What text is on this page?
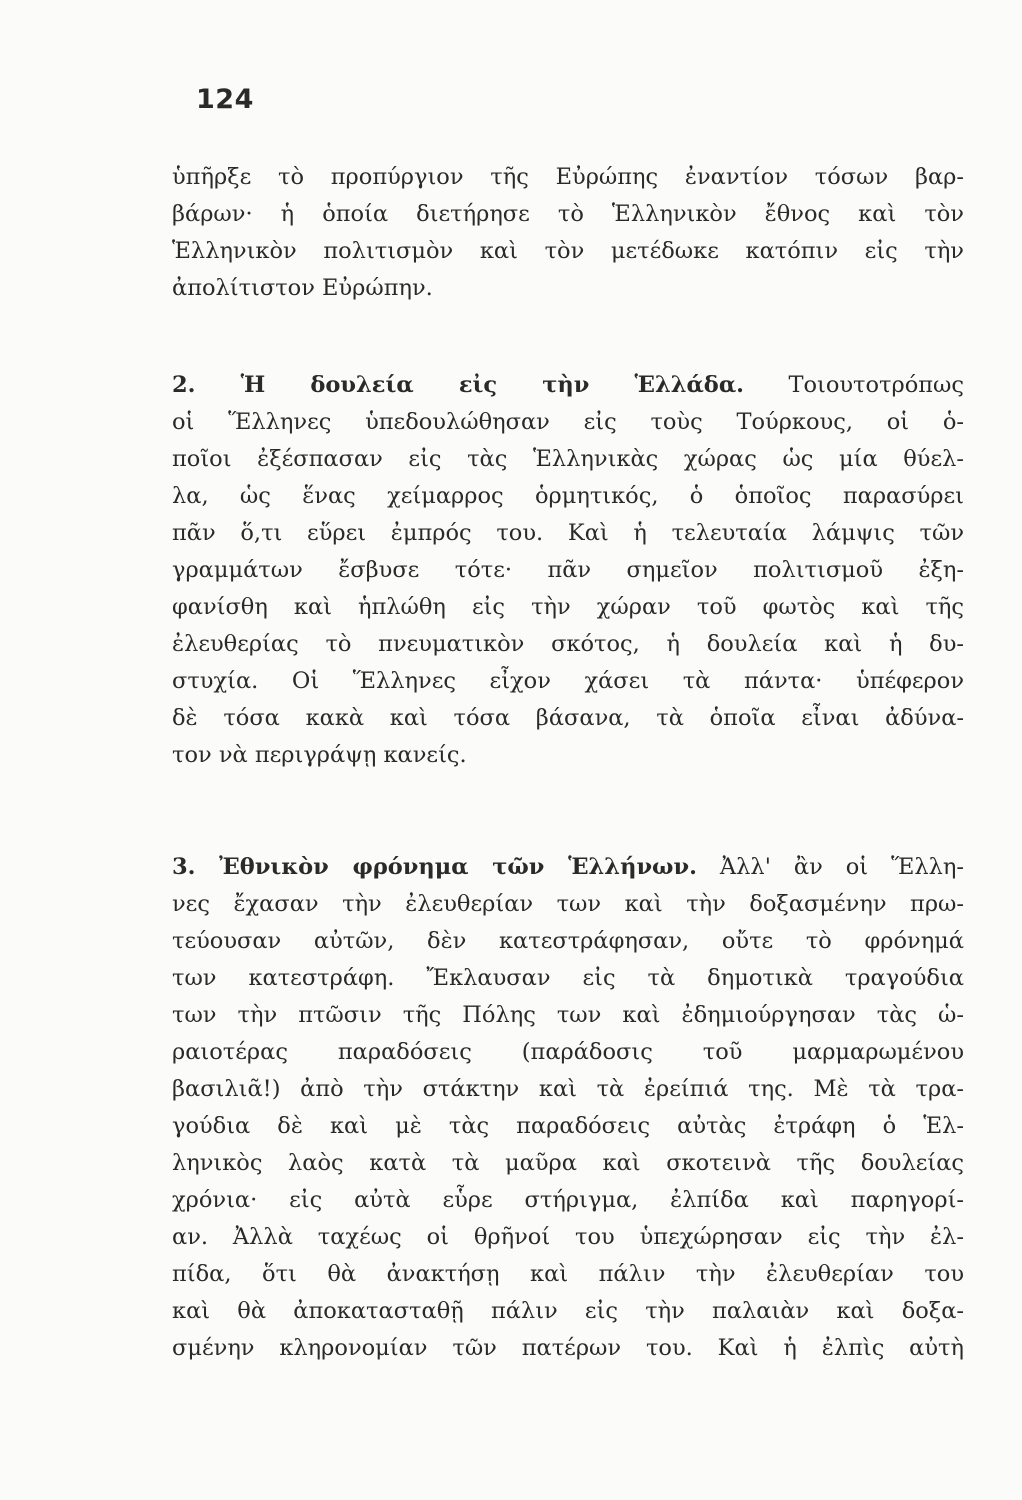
124
ὑπῆρξε τὸ προπύργιον τῆς Εὐρώπης ἐναντίον τόσων βαρ-
βάρων· ἡ ὁποία διετήρησε τὸ Ἑλληνικὸν ἔθνος καὶ τὸν
Ἑλληνικὸν πολιτισμὸν καὶ τὸν μετέδωκε κατόπιν εἰς τὴν
ἀπολίτιστον Εὐρώπην.
2. Ἡ δουλεία εἰς τὴν Ἑλλάδα. Τοιουτοτρόπως
οἱ Ἕλληνες ὑπεδουλώθησαν εἰς τοὺς Τούρκους, οἱ ὁ-
ποῖοι ἐξέσπασαν εἰς τὰς Ἑλληνικὰς χώρας ὡς μία θύελ-
λα, ὡς ἕνας χείμαρρος ὁρμητικός, ὁ ὁποῖος παρασύρει
πᾶν ὅ,τι εὕρει ἐμπρός του. Καὶ ἡ τελευταία λάμψις τῶν
γραμμάτων ἔσβυσε τότε· πᾶν σημεῖον πολιτισμοῦ ἐξη-
φανίσθη καὶ ἡπλώθη εἰς τὴν χώραν τοῦ φωτὸς καὶ τῆς
ἐλευθερίας τὸ πνευματικὸν σκότος, ἡ δουλεία καὶ ἡ δυ-
στυχία. Οἱ Ἕλληνες εἶχον χάσει τὰ πάντα· ὑπέφερον
δὲ τόσα κακὰ καὶ τόσα βάσανα, τὰ ὁποῖα εἶναι ἀδύνα-
τον νὰ περιγράψῃ κανείς.
3. Ἐθνικὸν φρόνημα τῶν Ἑλλήνων. Ἀλλ' ἂν οἱ Ἕλλη-
νες ἔχασαν τὴν ἐλευθερίαν των καὶ τὴν δοξασμένην πρω-
τεύουσαν αὐτῶν, δὲν κατεστράφησαν, οὔτε τὸ φρόνημά
των κατεστράφη. Ἔκλαυσαν εἰς τὰ δημοτικὰ τραγούδια
των τὴν πτῶσιν τῆς Πόλης των καὶ ἐδημιούργησαν τὰς ὡ-
ραιοτέρας παραδόσεις (παράδοσις τοῦ μαρμαρωμένου
βασιλιᾶ!) ἀπὸ τὴν στάκτην καὶ τὰ ἐρείπιά της. Μὲ τὰ τρα-
γούδια δὲ καὶ μὲ τὰς παραδόσεις αὐτὰς ἐτράφη ὁ Ἑλ-
ληνικὸς λαὸς κατὰ τὰ μαῦρα καὶ σκοτεινὰ τῆς δουλείας
χρόνια· εἰς αὐτὰ εὗρε στήριγμα, ἐλπίδα καὶ παρηγορί-
αν. Ἀλλὰ ταχέως οἱ θρῆνοί του ὑπεχώρησαν εἰς τὴν ἐλ-
πίδα, ὅτι θὰ ἀνακτήσῃ καὶ πάλιν τὴν ἐλευθερίαν του
καὶ θὰ ἀποκατασταθῇ πάλιν εἰς τὴν παλαιὰν καὶ δοξα-
σμένην κληρονομίαν τῶν πατέρων του. Καὶ ἡ ἐλπὶς αὐτὴ
